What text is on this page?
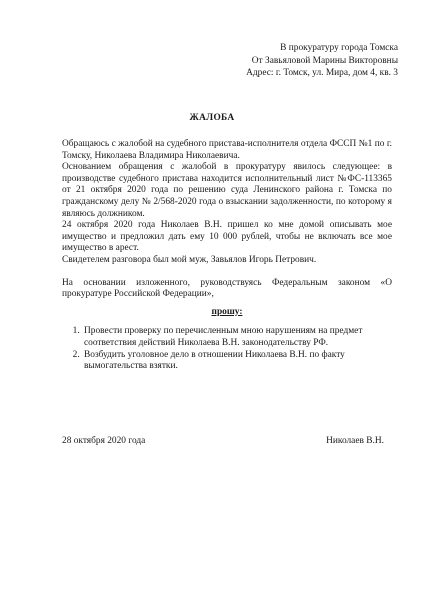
В прокуратуру города Томска
От Завьяловой Марины Викторовны
Адрес: г. Томск, ул. Мира, дом 4, кв. 3
ЖАЛОБА

Обращаюсь с жалобой на судебного пристава-исполнителя отдела ФССП №1 по г. Томску, Николаева Владимира Николаевича.

Основанием обращения с жалобой в прокуратуру явилось следующее: в производстве судебного пристава находится исполнительный лист №ФС-113365 от 21 октября 2020 года по решению суда Ленинского района г. Томска по гражданскому делу № 2/568-2020 года о взыскании задолженности, по которому я являюсь должником.

24 октября 2020 года Николаев В.Н. пришел ко мне домой описывать мое имущество и предложил дать ему 10 000 рублей, чтобы не включать все мое имущество в арест.

Свидетелем разговора был мой муж, Завьялов Игорь Петрович.

На основании изложенного, руководствуясь Федеральным законом «О прокуратуре Российской Федерации»,

прошу:
1. Провести проверку по перечисленным мною нарушениям на предмет соответствия действий Николаева В.Н. законодательству РФ.
2. Возбудить уголовное дело в отношении Николаева В.Н. по факту вымогательства взятки.
28 октября 2020 года	Николаев В.Н.
